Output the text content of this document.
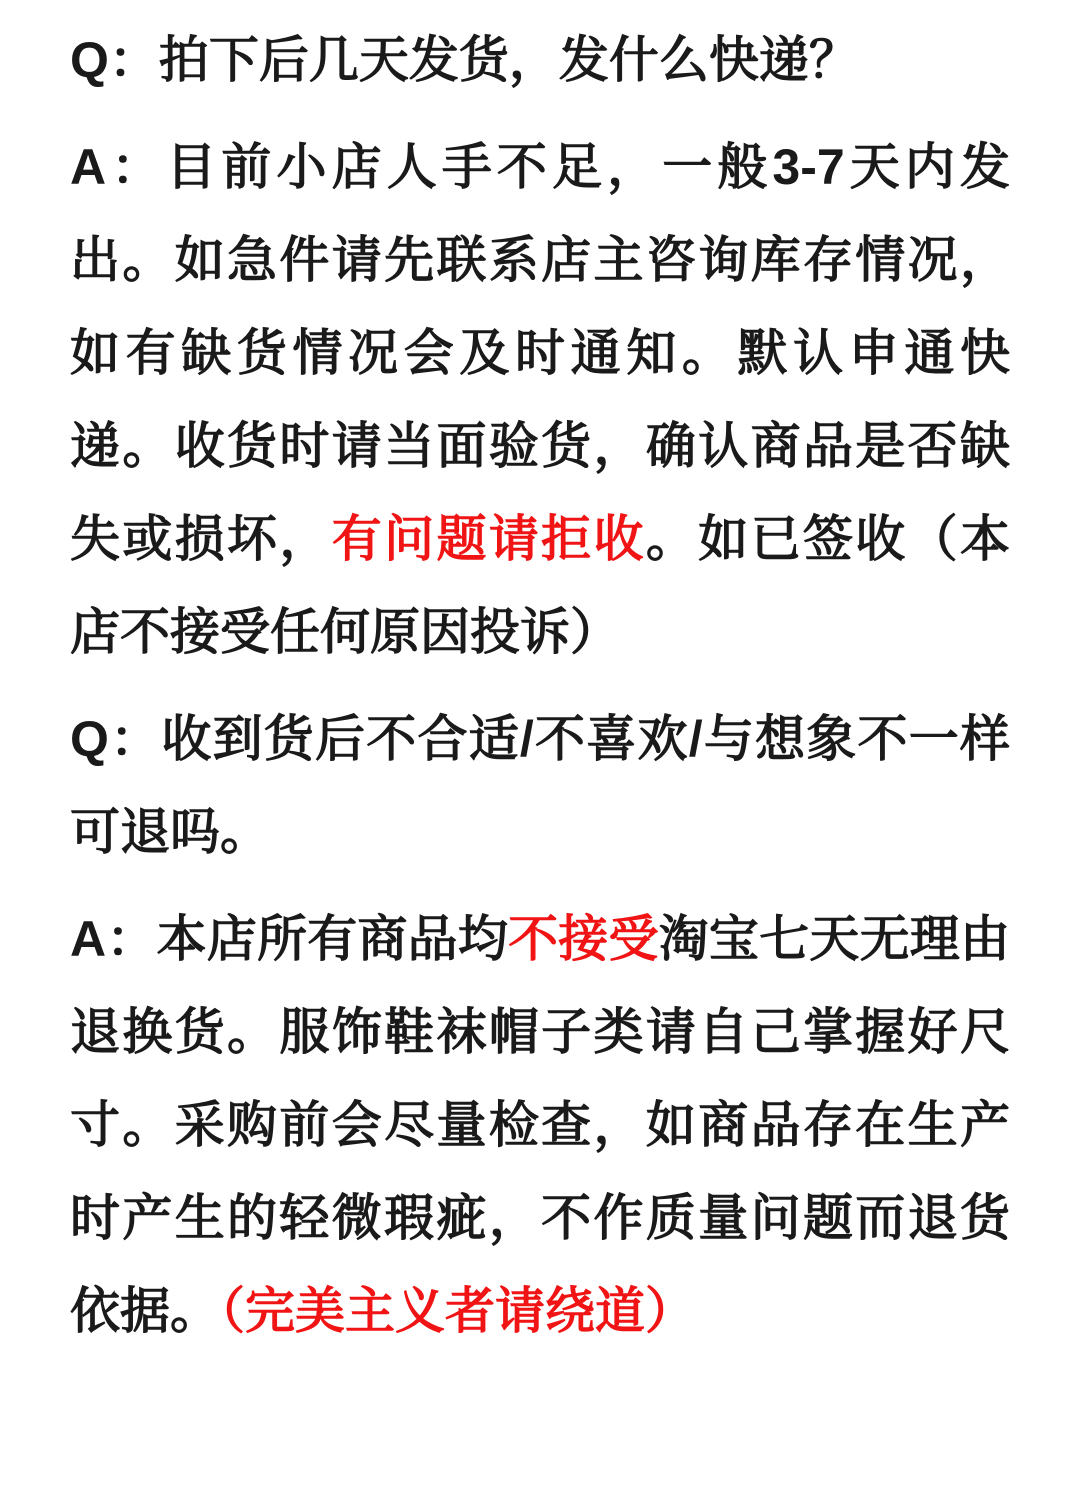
Q：拍下后几天发货，发什么快递？

A：目前小店人手不足，一般3-7天内发出。如急件请先联系店主咨询库存情况，如有缺货情况会及时通知。默认申通快递。收货时请当面验货，确认商品是否缺失或损坏，有问题请拒收。如已签收（本店不接受任何原因投诉）

Q：收到货后不合适/不喜欢/与想象不一样可退吗。

A：本店所有商品均不接受淘宝七天无理由退换货。服饰鞋袜帽子类请自己掌握好尺寸。采购前会尽量检查，如商品存在生产时产生的轻微瑕疵，不作质量问题而退货依据。（完美主义者请绕道）
